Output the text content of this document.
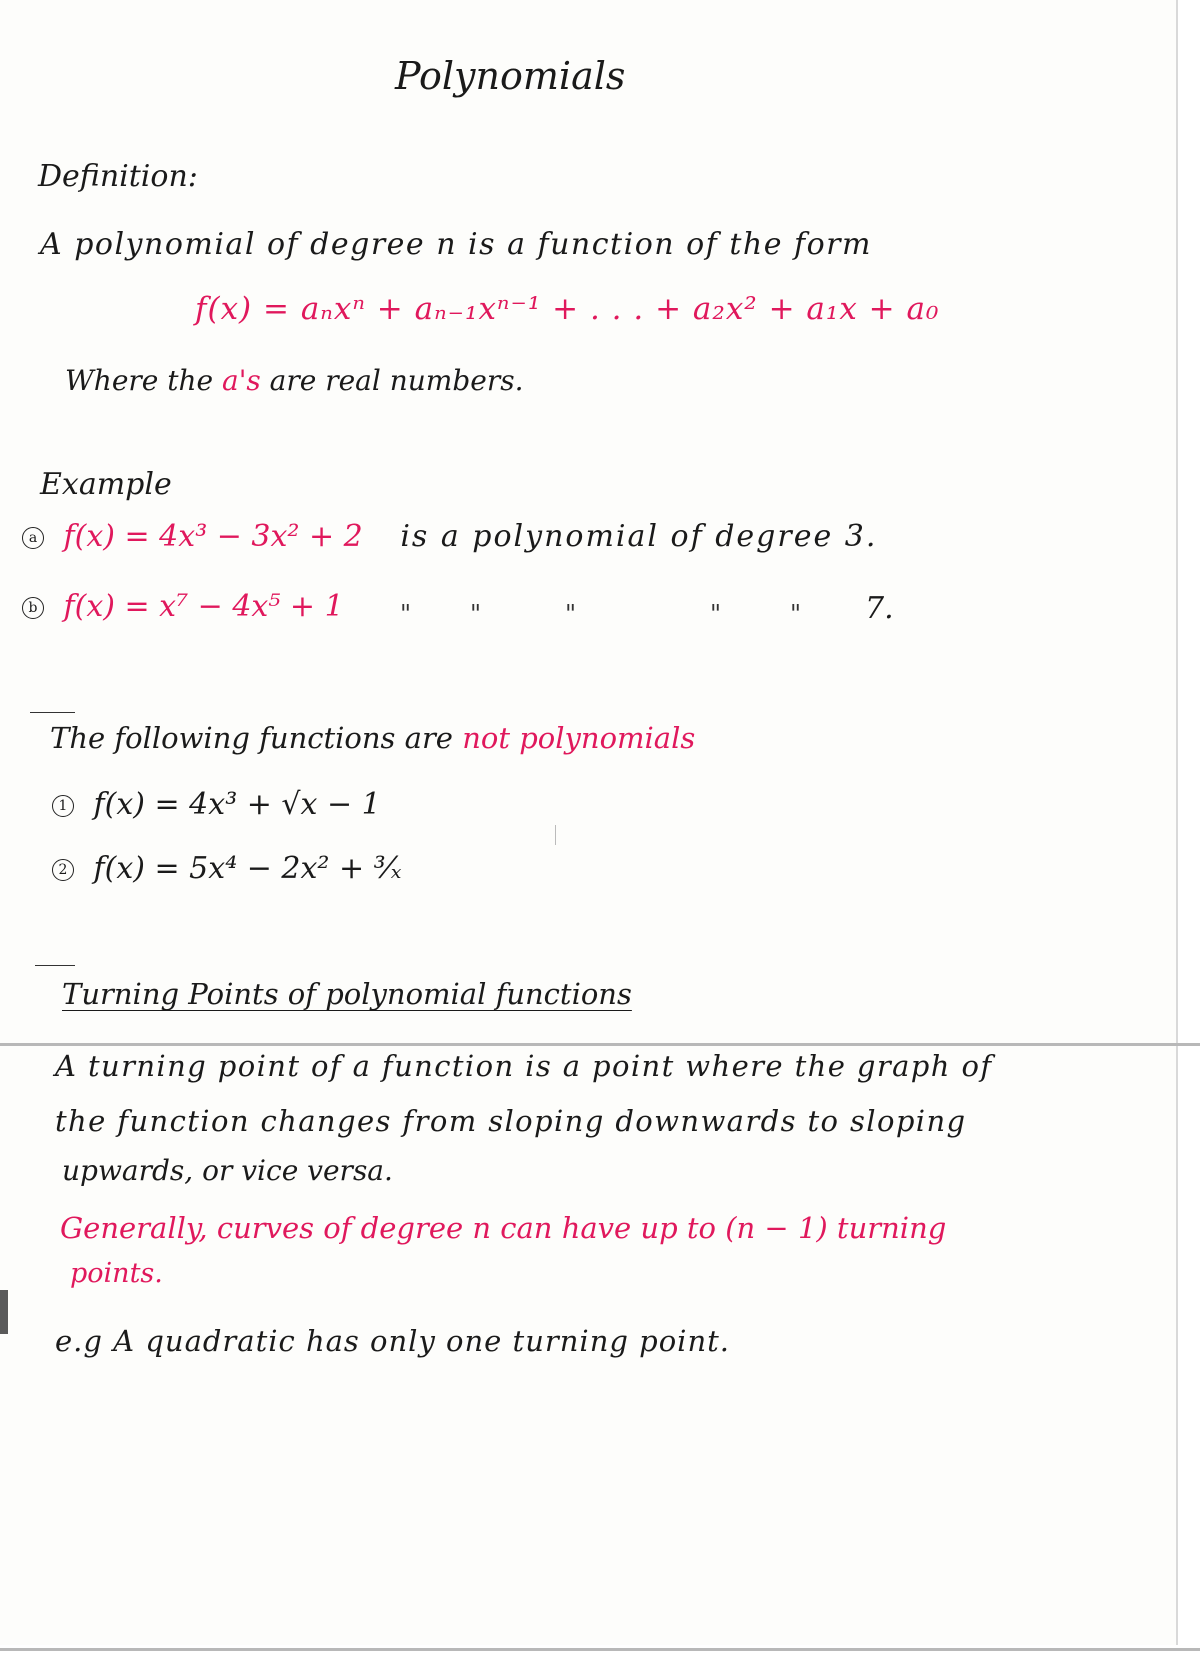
Polynomials
Definition:
A polynomial of degree n is a function of the form
f(x) = aₙxⁿ + aₙ₋₁xⁿ⁻¹ + . . . + a₂x² + a₁x + a₀
Where the a's are real numbers.
Example
a f(x) = 4x³ − 3x² + 2 is a polynomial of degree 3.
b f(x) = x⁷ − 4x⁵ + 1 " "	"	"	" 7.
The following functions are not polynomials
1 f(x) = 4x³ + √x − 1
2 f(x) = 5x⁴ − 2x² + ³⁄ₓ
Turning Points of polynomial functions
A turning point of a function is a point where the graph of
the function changes from sloping downwards to sloping
upwards, or vice versa.
Generally, curves of degree n can have up to (n − 1) turning
points.
e.g A quadratic has only one turning point.
